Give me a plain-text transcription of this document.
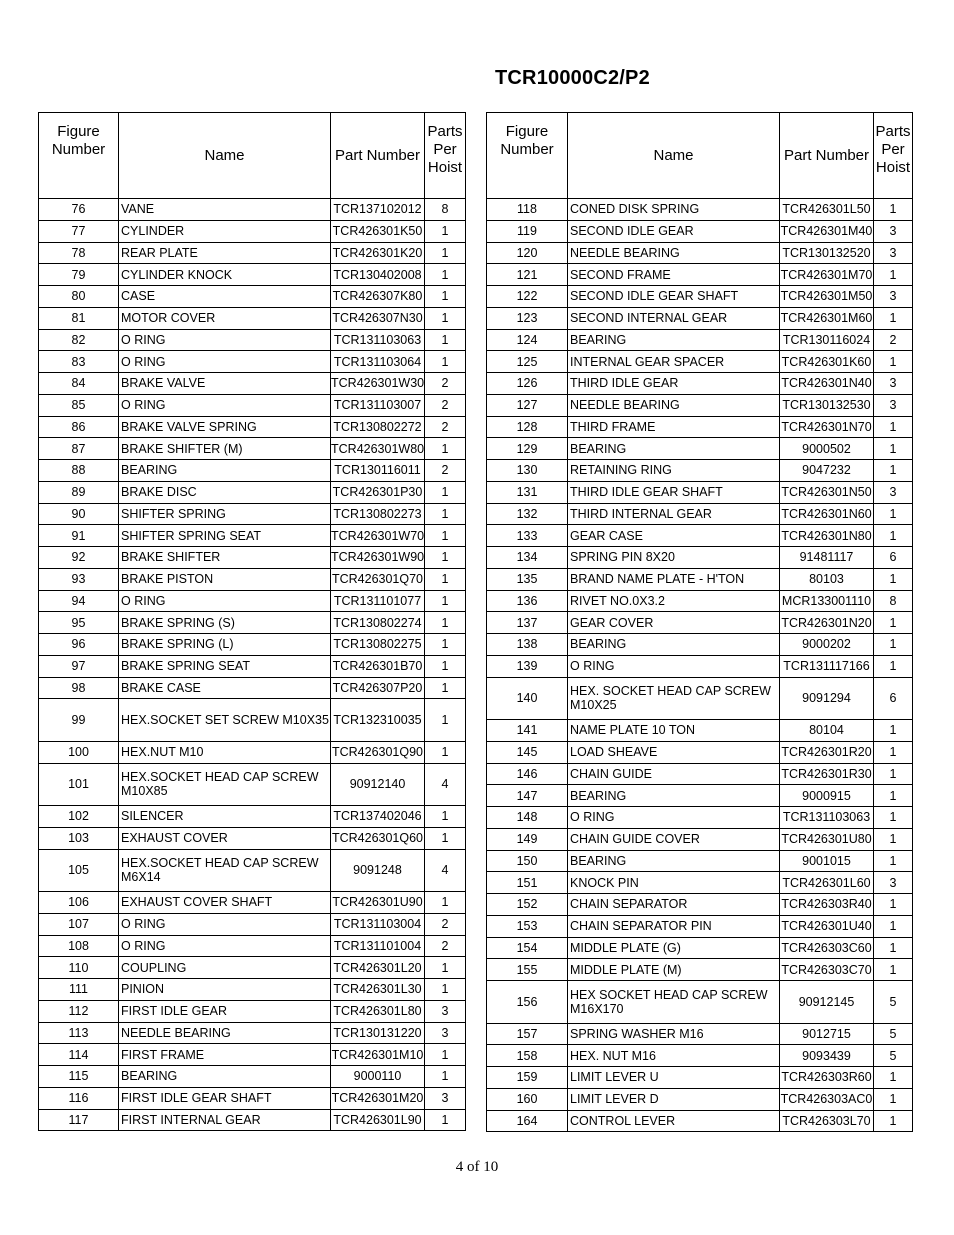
TCR10000C2/P2
Figure Number	Name	Part Number	Parts Per Hoist
76	VANE	TCR137102012	8
77	CYLINDER	TCR426301K50	1
78	REAR PLATE	TCR426301K20	1
79	CYLINDER KNOCK	TCR130402008	1
80	CASE	TCR426307K80	1
81	MOTOR COVER	TCR426307N30	1
82	O RING	TCR131103063	1
83	O RING	TCR131103064	1
84	BRAKE VALVE	TCR426301W30	2
85	O RING	TCR131103007	2
86	BRAKE VALVE SPRING	TCR130802272	2
87	BRAKE SHIFTER (M)	TCR426301W80	1
88	BEARING	TCR130116011	2
89	BRAKE DISC	TCR426301P30	1
90	SHIFTER SPRING	TCR130802273	1
91	SHIFTER SPRING SEAT	TCR426301W70	1
92	BRAKE SHIFTER	TCR426301W90	1
93	BRAKE PISTON	TCR426301Q70	1
94	O RING	TCR131101077	1
95	BRAKE SPRING (S)	TCR130802274	1
96	BRAKE SPRING (L)	TCR130802275	1
97	BRAKE SPRING SEAT	TCR426301B70	1
98	BRAKE CASE	TCR426307P20	1
99	HEX.SOCKET SET SCREW M10X35	TCR132310035	1
100	HEX.NUT M10	TCR426301Q90	1
101	HEX.SOCKET HEAD CAP SCREW M10X85	90912140	4
102	SILENCER	TCR137402046	1
103	EXHAUST COVER	TCR426301Q60	1
105	HEX.SOCKET HEAD CAP SCREW M6X14	9091248	4
106	EXHAUST COVER SHAFT	TCR426301U90	1
107	O RING	TCR131103004	2
108	O RING	TCR131101004	2
110	COUPLING	TCR426301L20	1
111	PINION	TCR426301L30	1
112	FIRST IDLE GEAR	TCR426301L80	3
113	NEEDLE BEARING	TCR130131220	3
114	FIRST FRAME	TCR426301M10	1
115	BEARING	9000110	1
116	FIRST IDLE GEAR SHAFT	TCR426301M20	3
117	FIRST INTERNAL GEAR	TCR426301L90	1
Figure Number	Name	Part Number	Parts Per Hoist
118	CONED DISK SPRING	TCR426301L50	1
119	SECOND IDLE GEAR	TCR426301M40	3
120	NEEDLE BEARING	TCR130132520	3
121	SECOND FRAME	TCR426301M70	1
122	SECOND IDLE GEAR SHAFT	TCR426301M50	3
123	SECOND INTERNAL GEAR	TCR426301M60	1
124	BEARING	TCR130116024	2
125	INTERNAL GEAR SPACER	TCR426301K60	1
126	THIRD IDLE GEAR	TCR426301N40	3
127	NEEDLE BEARING	TCR130132530	3
128	THIRD FRAME	TCR426301N70	1
129	BEARING	9000502	1
130	RETAINING RING	9047232	1
131	THIRD IDLE GEAR SHAFT	TCR426301N50	3
132	THIRD INTERNAL GEAR	TCR426301N60	1
133	GEAR CASE	TCR426301N80	1
134	SPRING PIN 8X20	91481117	6
135	BRAND NAME PLATE - H'TON	80103	1
136	RIVET NO.0X3.2	MCR133001110	8
137	GEAR COVER	TCR426301N20	1
138	BEARING	9000202	1
139	O RING	TCR131117166	1
140	HEX. SOCKET HEAD CAP SCREW M10X25	9091294	6
141	NAME PLATE 10 TON	80104	1
145	LOAD SHEAVE	TCR426301R20	1
146	CHAIN GUIDE	TCR426301R30	1
147	BEARING	9000915	1
148	O RING	TCR131103063	1
149	CHAIN GUIDE COVER	TCR426301U80	1
150	BEARING	9001015	1
151	KNOCK PIN	TCR426301L60	3
152	CHAIN SEPARATOR	TCR426303R40	1
153	CHAIN SEPARATOR PIN	TCR426301U40	1
154	MIDDLE PLATE (G)	TCR426303C60	1
155	MIDDLE PLATE (M)	TCR426303C70	1
156	HEX SOCKET HEAD CAP SCREW M16X170	90912145	5
157	SPRING WASHER M16	9012715	5
158	HEX. NUT M16	9093439	5
159	LIMIT LEVER U	TCR426303R60	1
160	LIMIT LEVER D	TCR426303AC0	1
164	CONTROL LEVER	TCR426303L70	1
4 of 10
